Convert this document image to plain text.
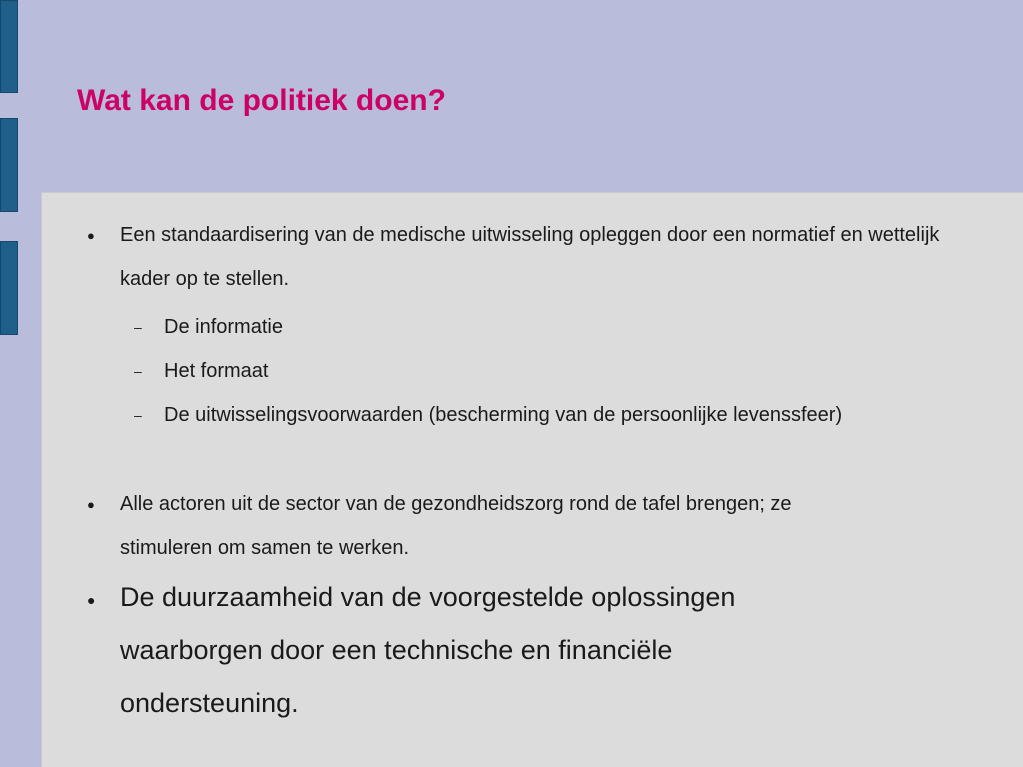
Wat kan de politiek doen?
● Een standaardisering van de medische uitwisseling opleggen door een normatief en wettelijk kader op te stellen.
– De informatie
– Het formaat
– De uitwisselingsvoorwaarden (bescherming van de persoonlijke levenssfeer)
● Alle actoren uit de sector van de gezondheidszorg rond de tafel brengen; ze stimuleren om samen te werken.
● De duurzaamheid van de voorgestelde oplossingen waarborgen door een technische en financiële ondersteuning.
